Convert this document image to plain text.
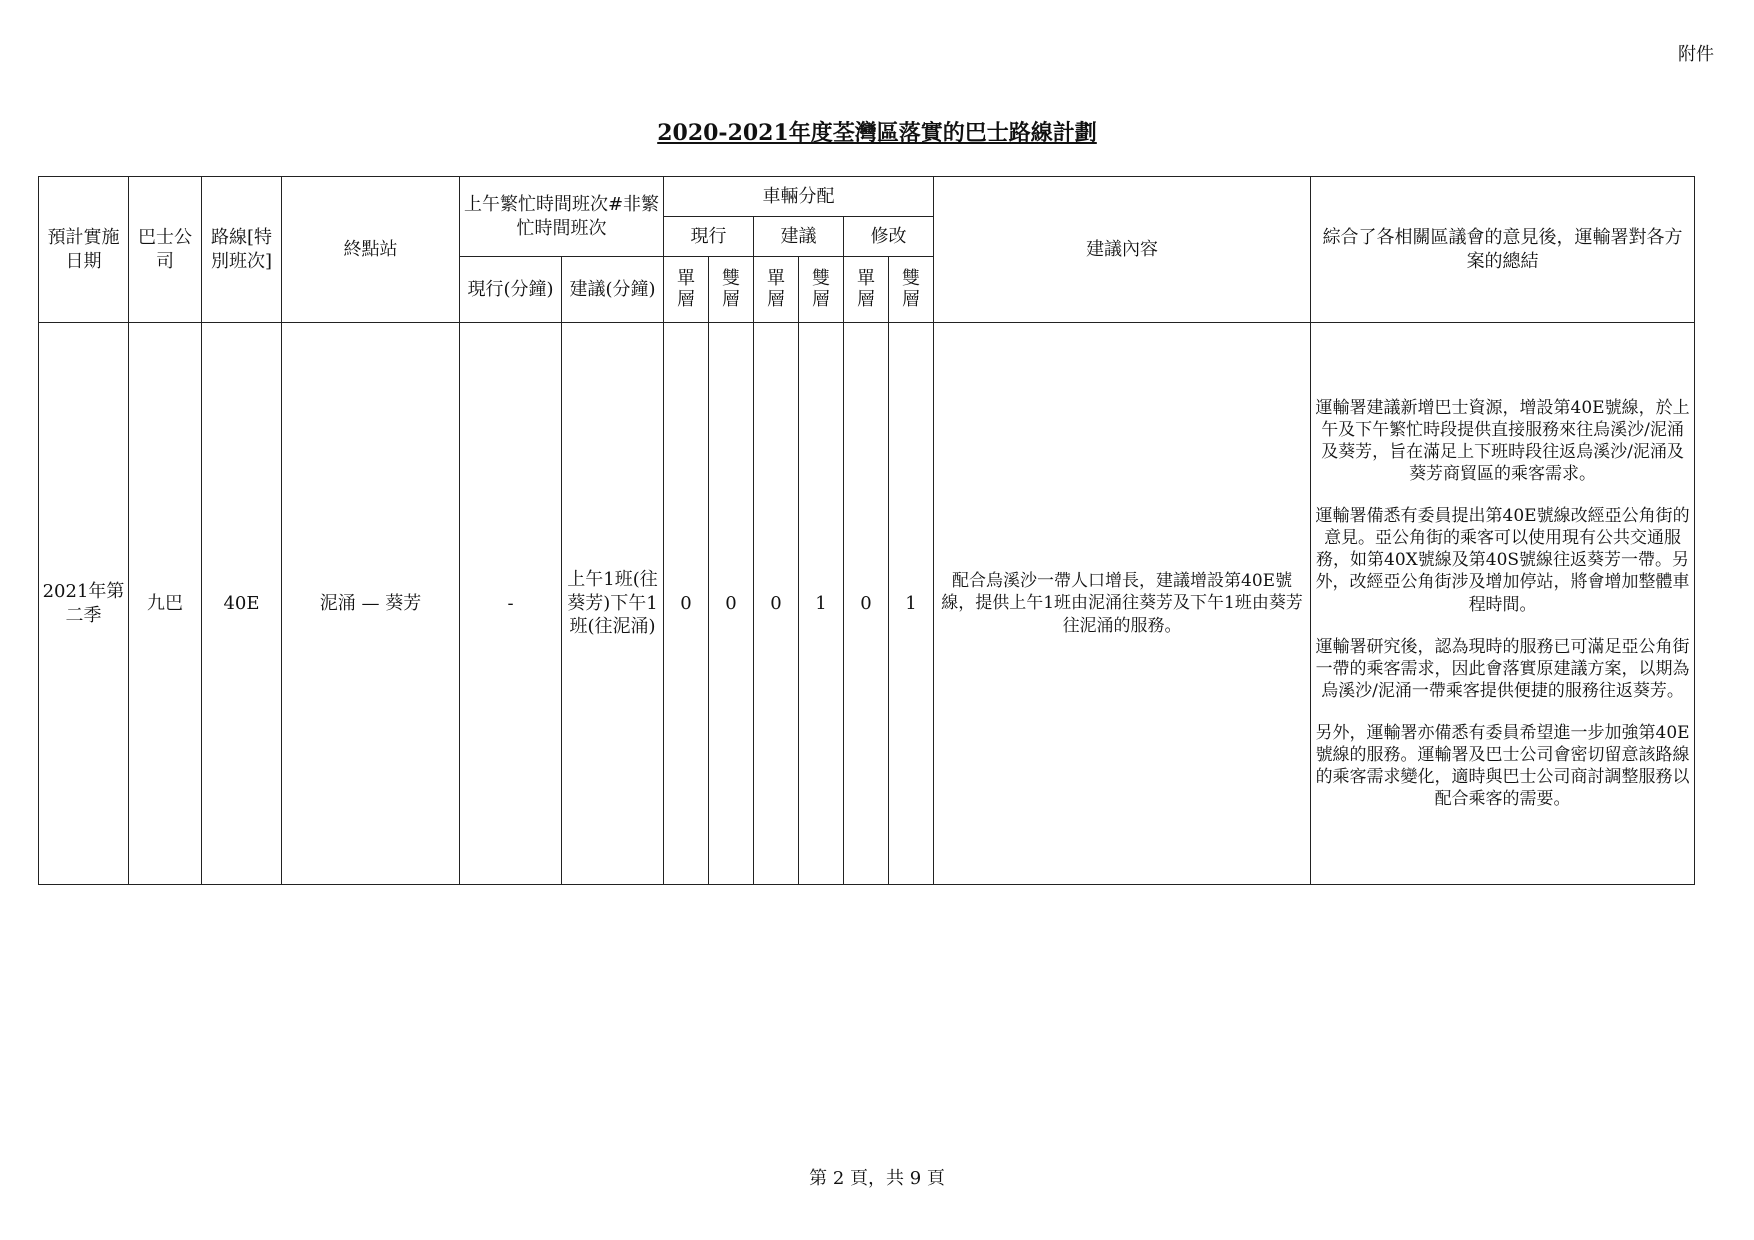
附件
2020-2021年度荃灣區落實的巴士路線計劃
預計實施日期	巴士公司	路線[特別班次]	終點站	上午繁忙時間班次#非繁忙時間班次		車輛分配						建議內容	綜合了各相關區議會的意見後，運輸署對各方案的總結
						現行		建議		修改			
				現行(分鐘)	建議(分鐘)	單層	雙層	單層	雙層	單層	雙層		
2021年第二季	九巴	40E	泥涌 — 葵芳	-	上午1班(往葵芳)下午1班(往泥涌)	0	0	0	1	0	1	配合烏溪沙一帶人口增長，建議增設第40E號線，提供上午1班由泥涌往葵芳及下午1班由葵芳往泥涌的服務。	運輸署建議新增巴士資源，增設第40E號線，於上午及下午繁忙時段提供直接服務來往烏溪沙/泥涌及葵芳，旨在滿足上下班時段往返烏溪沙/泥涌及葵芳商貿區的乘客需求。

運輸署備悉有委員提出第40E號線改經亞公角街的意見。亞公角街的乘客可以使用現有公共交通服務，如第40X號線及第40S號線往返葵芳一帶。另外，改經亞公角街涉及增加停站，將會增加整體車程時間。

運輸署研究後，認為現時的服務已可滿足亞公角街一帶的乘客需求，因此會落實原建議方案，以期為烏溪沙/泥涌一帶乘客提供便捷的服務往返葵芳。

另外，運輸署亦備悉有委員希望進一步加強第40E號線的服務。運輸署及巴士公司會密切留意該路線的乘客需求變化，適時與巴士公司商討調整服務以配合乘客的需要。

第 2 頁，共 9 頁
